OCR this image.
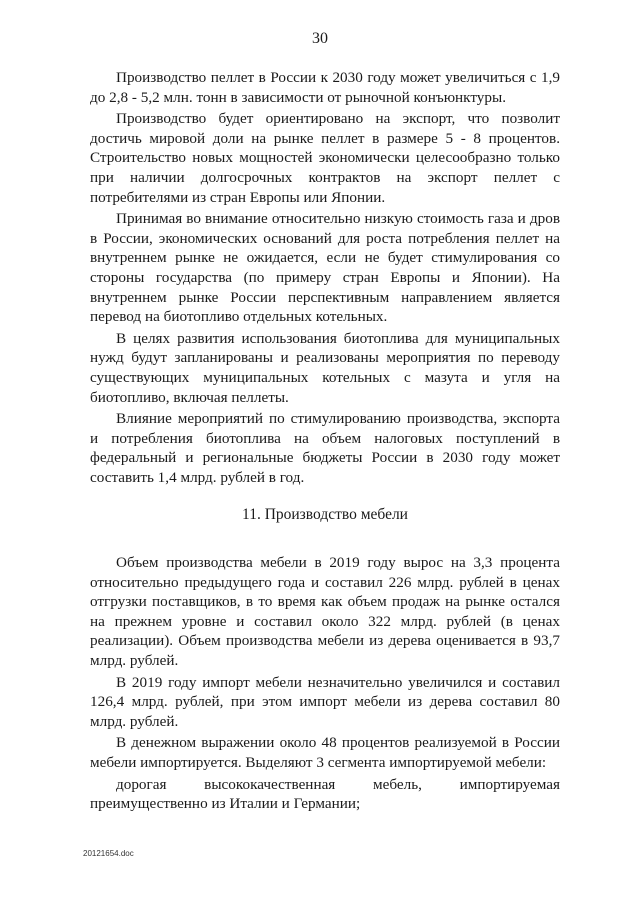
30

Производство пеллет в России к 2030 году может увеличиться с 1,9 до 2,8 - 5,2 млн. тонн в зависимости от рыночной конъюнктуры.

Производство будет ориентировано на экспорт, что позволит достичь мировой доли на рынке пеллет в размере 5 - 8 процентов. Строительство новых мощностей экономически целесообразно только при наличии долгосрочных контрактов на экспорт пеллет с потребителями из стран Европы или Японии.

Принимая во внимание относительно низкую стоимость газа и дров в России, экономических оснований для роста потребления пеллет на внутреннем рынке не ожидается, если не будет стимулирования со стороны государства (по примеру стран Европы и Японии). На внутреннем рынке России перспективным направлением является перевод на биотопливо отдельных котельных.

В целях развития использования биотоплива для муниципальных нужд будут запланированы и реализованы мероприятия по переводу существующих муниципальных котельных с мазута и угля на биотопливо, включая пеллеты.

Влияние мероприятий по стимулированию производства, экспорта и потребления биотоплива на объем налоговых поступлений в федеральный и региональные бюджеты России в 2030 году может составить 1,4 млрд. рублей в год.

11. Производство мебели

Объем производства мебели в 2019 году вырос на 3,3 процента относительно предыдущего года и составил 226 млрд. рублей в ценах отгрузки поставщиков, в то время как объем продаж на рынке остался на прежнем уровне и составил около 322 млрд. рублей (в ценах реализации). Объем производства мебели из дерева оценивается в 93,7 млрд. рублей.

В 2019 году импорт мебели незначительно увеличился и составил 126,4 млрд. рублей, при этом импорт мебели из дерева составил 80 млрд. рублей.

В денежном выражении около 48 процентов реализуемой в России мебели импортируется. Выделяют 3 сегмента импортируемой мебели:

дорогая высококачественная мебель, импортируемая преимущественно из Италии и Германии;

20121654.doc
